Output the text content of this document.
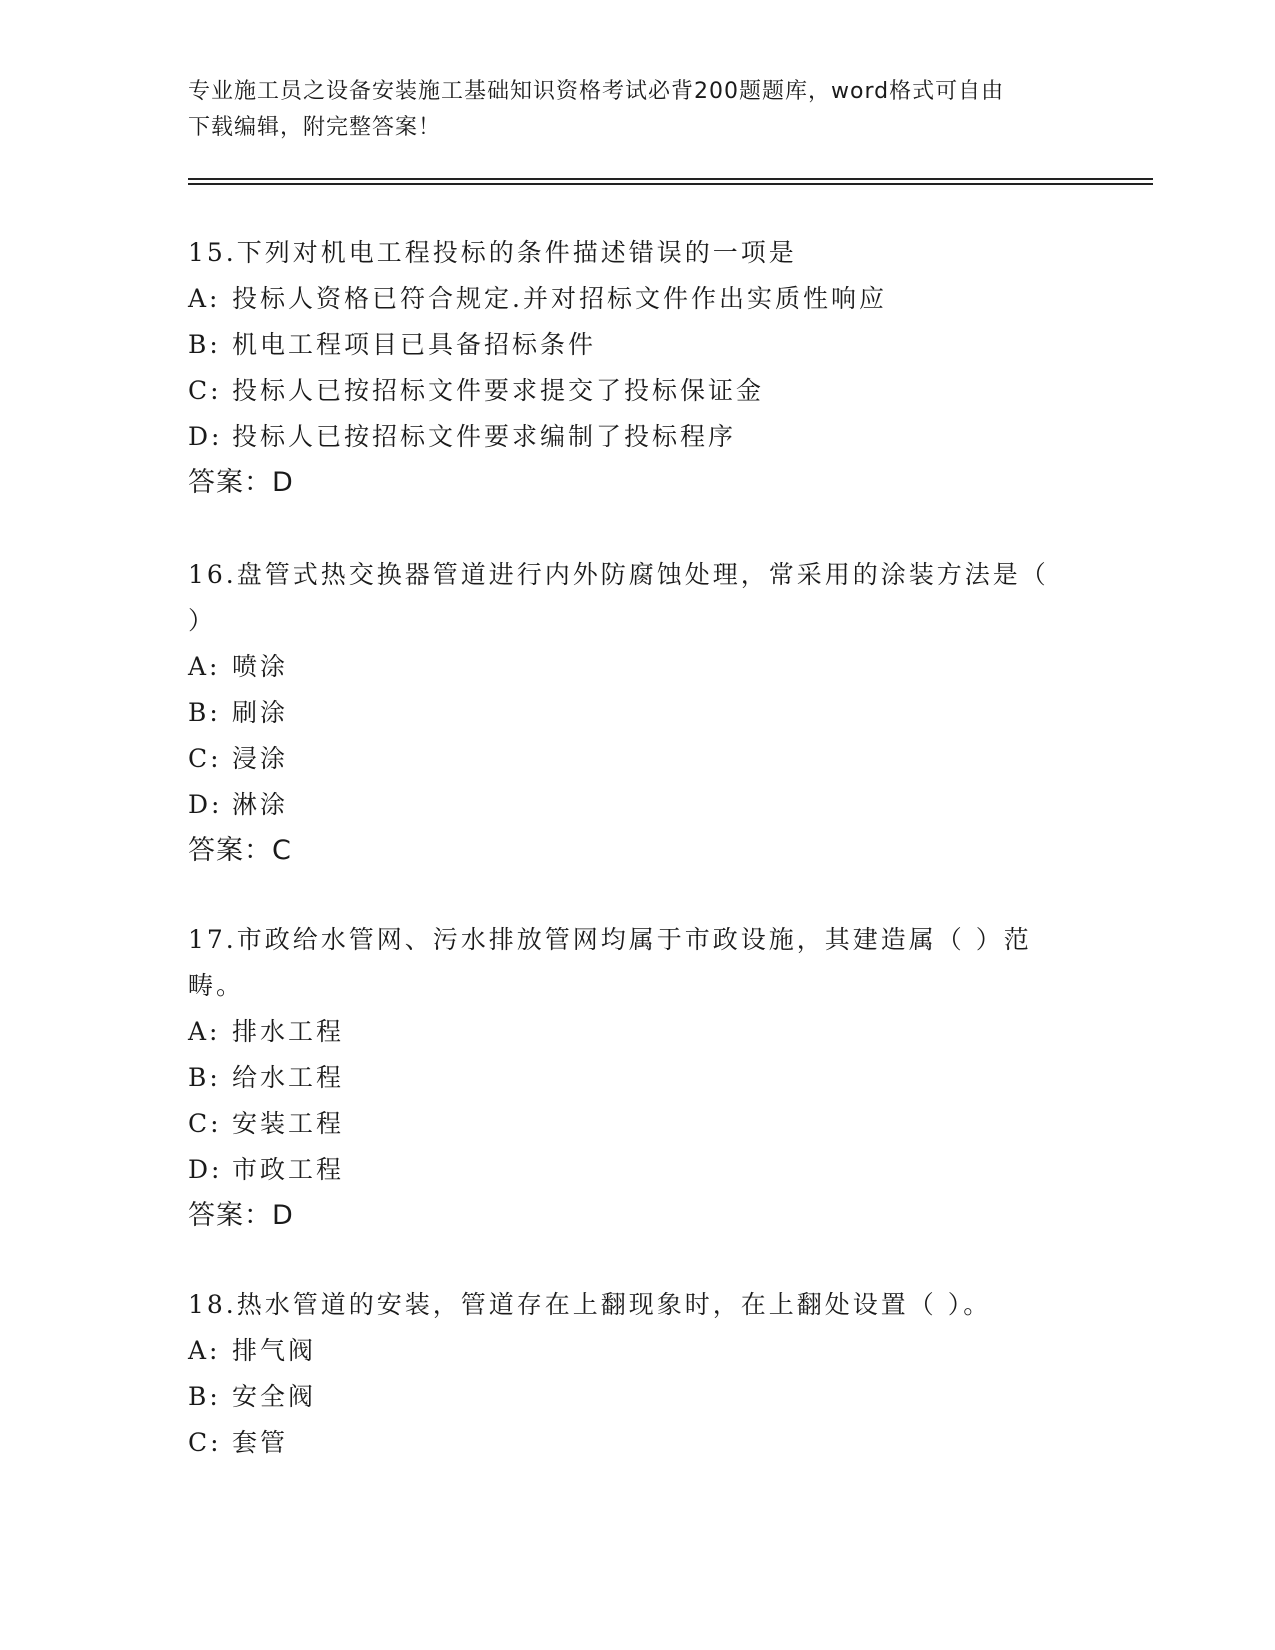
专业施工员之设备安装施工基础知识资格考试必背200题题库，word格式可自由
下载编辑，附完整答案！
15.下列对机电工程投标的条件描述错误的一项是
A: 投标人资格已符合规定.并对招标文件作出实质性响应
B: 机电工程项目已具备招标条件
C: 投标人已按招标文件要求提交了投标保证金
D: 投标人已按招标文件要求编制了投标程序
答案：D
16.盘管式热交换器管道进行内外防腐蚀处理，常采用的涂装方法是（
）
A: 喷涂
B: 刷涂
C: 浸涂
D: 淋涂
答案：C
17.市政给水管网、污水排放管网均属于市政设施，其建造属（ ）范
畴。
A: 排水工程
B: 给水工程
C: 安装工程
D: 市政工程
答案：D
18.热水管道的安装，管道存在上翻现象时，在上翻处设置（ ）。
A: 排气阀
B: 安全阀
C: 套管
